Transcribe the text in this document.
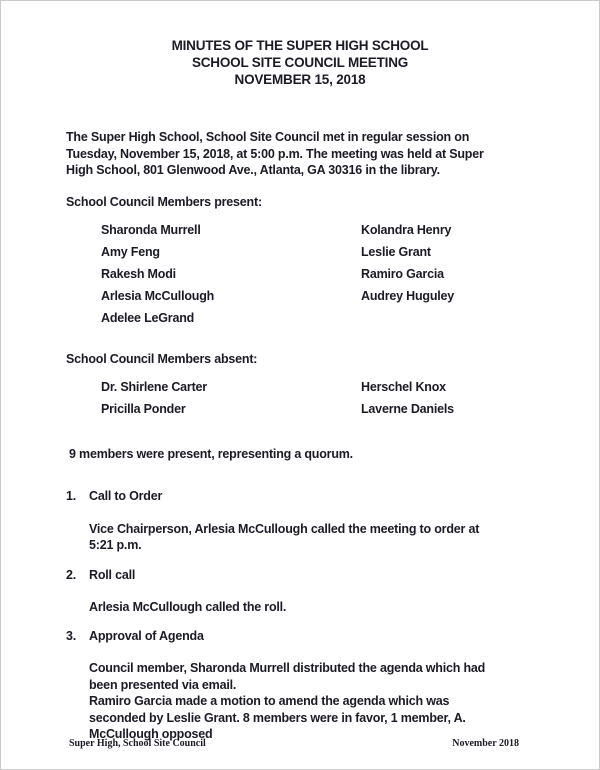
MINUTES OF THE SUPER HIGH SCHOOL
SCHOOL SITE COUNCIL MEETING
NOVEMBER 15, 2018
The Super High School, School Site Council met in regular session on
Tuesday, November 15, 2018, at 5:00 p.m. The meeting was held at Super
High School, 801 Glenwood Ave., Atlanta, GA 30316 in the library.
School Council Members present:
Sharonda Murrell	Kolandra Henry
Amy Feng	Leslie Grant
Rakesh Modi	Ramiro Garcia
Arlesia McCullough	Audrey Huguley
Adelee LeGrand
School Council Members absent:
Dr. Shirlene Carter	Herschel Knox
Pricilla Ponder	Laverne Daniels
9 members were present, representing a quorum.
1.	Call to Order
Vice Chairperson, Arlesia McCullough called the meeting to order at
5:21 p.m.
2.	Roll call
Arlesia McCullough called the roll.
3.	Approval of Agenda
Council member, Sharonda Murrell distributed the agenda which had
been presented via email.
Ramiro Garcia made a motion to amend the agenda which was
seconded by Leslie Grant. 8 members were in favor, 1 member, A.
McCullough opposed
Super High, School Site Council	November 2018
